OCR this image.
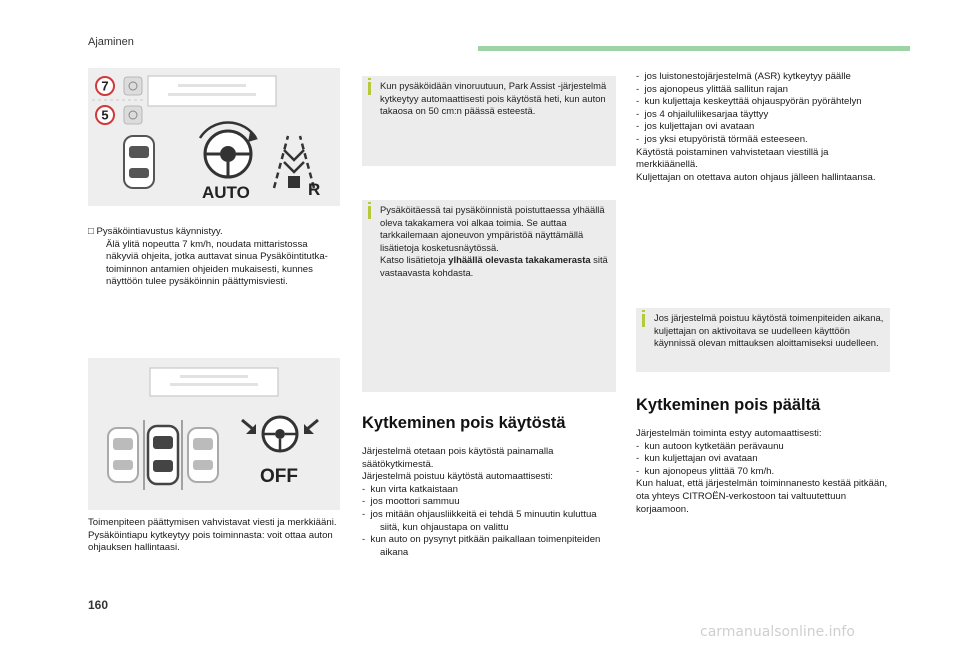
Ajaminen
7
5
AUTO	R

□ Pysäköintiavustus käynnistyy.

Älä ylitä nopeutta 7 km/h, noudata mittaristossa näkyviä ohjeita, jotka auttavat sinua Pysäköintitutka-toiminnon antamien ohjeiden mukaisesti, kunnes näyttöön tulee pysäköinnin päättymisviesti.

OFF

Toimenpiteen päättymisen vahvistavat viesti ja merkkiääni.

Pysäköintiapu kytkeytyy pois toiminnasta: voit ottaa auton ohjauksen hallintaasi.

Kun pysäköidään vinoruutuun, Park Assist -järjestelmä kytkeytyy automaattisesti pois käytöstä heti, kun auton takaosa on 50 cm:n päässä esteestä.
Pysäköitäessä tai pysäköinnistä poistuttaessa ylhäällä oleva takakamera voi alkaa toimia. Se auttaa tarkkailemaan ajoneuvon ympäristöä näyttämällä lisätietoja kosketusnäytössä.
Katso lisätietoja ylhäällä olevasta takakamerasta sitä vastaavasta kohdasta.
Kytkeminen pois käytöstä

Järjestelmä otetaan pois käytöstä painamalla säätökytkimestä.

Järjestelmä poistuu käytöstä automaattisesti:

-  kun virta katkaistaan

-  jos moottori sammuu

-  jos mitään ohjausliikkeitä ei tehdä 5 minuutin kuluttua siitä, kun ohjaustapa on valittu

-  kun auto on pysynyt pitkään paikallaan toimenpiteiden aikana

-  jos luistonestojärjestelmä (ASR) kytkeytyy päälle

-  jos ajonopeus ylittää sallitun rajan

-  kun kuljettaja keskeyttää ohjauspyörän pyörähtelyn

-  jos 4 ohjailuliikesarjaa täyttyy

-  jos kuljettajan ovi avataan

-  jos yksi etupyöristä törmää esteeseen.

Käytöstä poistaminen vahvistetaan viestillä ja merkkiäänellä.

Kuljettajan on otettava auton ohjaus jälleen hallintaansa.

Jos järjestelmä poistuu käytöstä toimenpiteiden aikana, kuljettajan on aktivoitava se uudelleen käyttöön käynnissä olevan mittauksen aloittamiseksi uudelleen.
Kytkeminen pois päältä

Järjestelmän toiminta estyy automaattisesti:

-  kun autoon kytketään perävaunu

-  kun kuljettajan ovi avataan

-  kun ajonopeus ylittää 70 km/h.

Kun haluat, että järjestelmän toiminnanesto kestää pitkään, ota yhteys CITROËN-verkostoon tai valtuutettuun korjaamoon.

160
carmanualsonline.info
